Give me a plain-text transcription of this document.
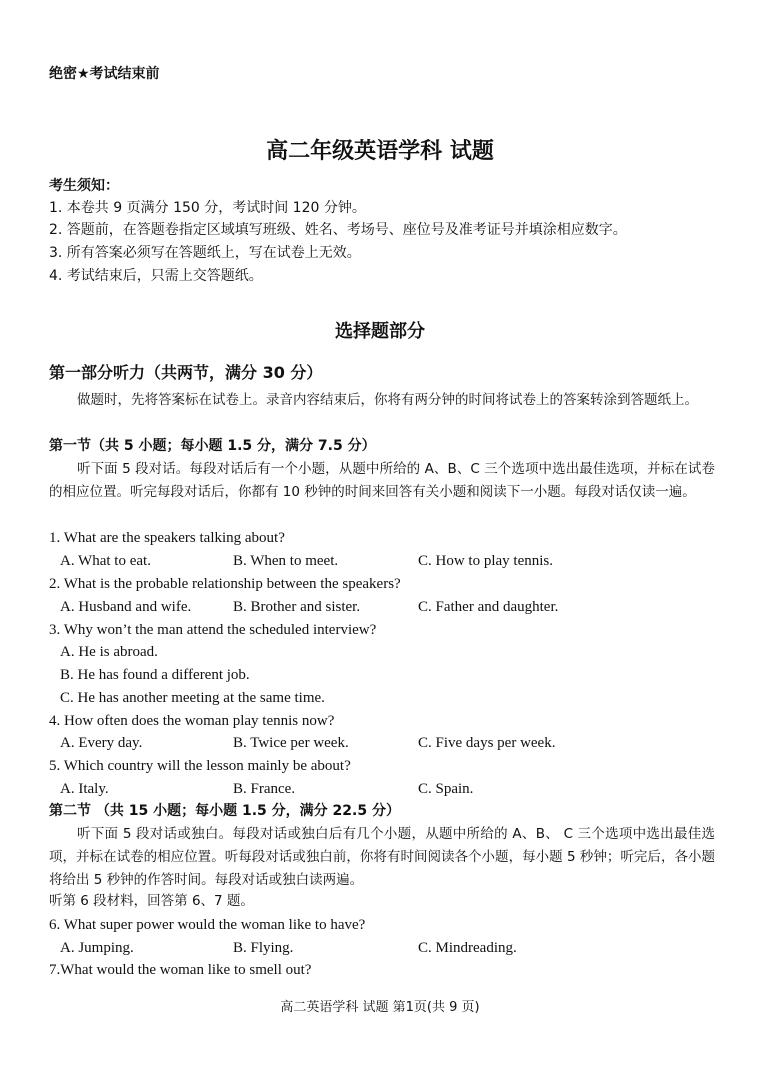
绝密★考试结束前
高二年级英语学科 试题
考生须知：
1. 本卷共 9 页满分 150 分，考试时间 120 分钟。
2. 答题前，在答题卷指定区域填写班级、姓名、考场号、座位号及准考证号并填涂相应数字。
3. 所有答案必须写在答题纸上，写在试卷上无效。
4. 考试结束后，只需上交答题纸。
选择题部分
第一部分听力（共两节，满分 30 分）
做题时，先将答案标在试卷上。录音内容结束后，你将有两分钟的时间将试卷上的答案转涂到答题纸上。
第一节（共 5 小题；每小题 1.5 分，满分 7.5 分）
听下面 5 段对话。每段对话后有一个小题，从题中所给的 A、B、C 三个选项中选出最佳选项，并标在试卷的相应位置。听完每段对话后，你都有 10 秒钟的时间来回答有关小题和阅读下一小题。每段对话仅读一遍。
1. What are the speakers talking about?
A. What to eat.	B. When to meet.	C. How to play tennis.
2. What is the probable relationship between the speakers?
A. Husband and wife.	B. Brother and sister.	C. Father and daughter.
3. Why won’t the man attend the scheduled interview?
A. He is abroad.
B. He has found a different job.
C. He has another meeting at the same time.
4. How often does the woman play tennis now?
A. Every day.	B. Twice per week.	C. Five days per week.
5. Which country will the lesson mainly be about?
A. Italy.	B. France.	C. Spain.
第二节 （共 15 小题；每小题 1.5 分，满分 22.5 分）
听下面 5 段对话或独白。每段对话或独白后有几个小题，从题中所给的 A、B、 C 三个选项中选出最佳选项，并标在试卷的相应位置。听每段对话或独白前，你将有时间阅读各个小题，每小题 5 秒钟；听完后，各小题将给出 5 秒钟的作答时间。每段对话或独白读两遍。
听第 6 段材料，回答第 6、7 题。
6. What super power would the woman like to have?
A. Jumping.	B. Flying.	C. Mindreading.
7.What would the woman like to smell out?
高二英语学科 试题 第1页(共 9 页)
